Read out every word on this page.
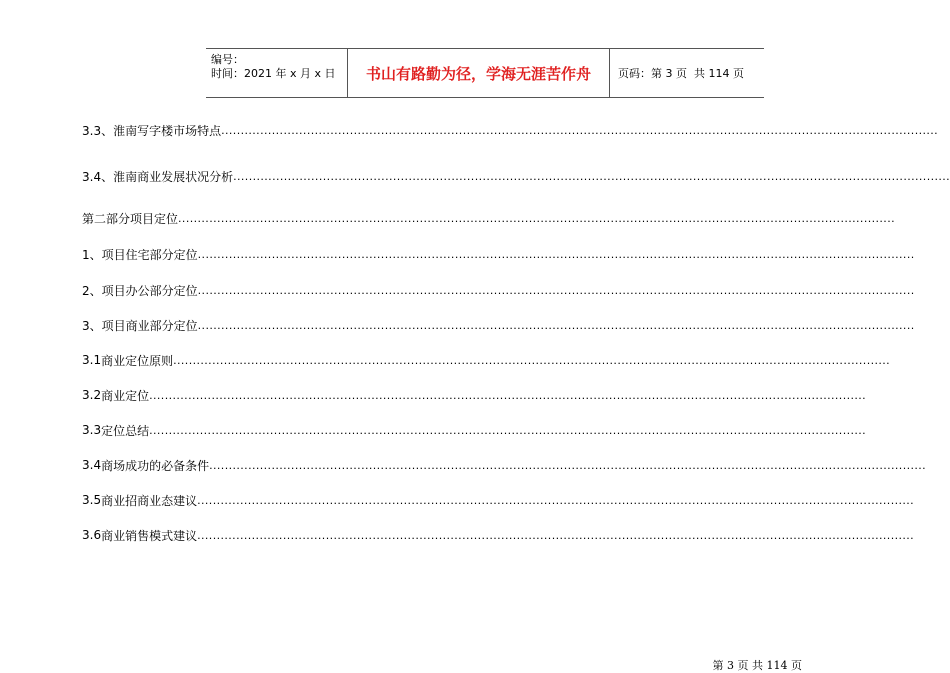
编号：
时间：2021 年 x 月 x 日	书山有路勤为径，学海无涯苦作舟 页码：第 3 页  共 114 页
3.3、 淮南写字楼市场特点 ........................................................................................................................................................................................
3.4、 淮南商业发展状况分析 ........................................................................................................................................................................................
第二部分 项目定位 ........................................................................................................................................................................................
1、 项目住宅部分定位 ........................................................................................................................................................................................
2、 项目办公部分定位 ........................................................................................................................................................................................
3、 项目商业部分定位 ........................................................................................................................................................................................
3.1 商业定位原则 ........................................................................................................................................................................................
3.2 商业定位 ........................................................................................................................................................................................
3.3 定位总结 ........................................................................................................................................................................................
3.4 商场成功的必备条件 ........................................................................................................................................................................................
3.5 商业招商业态建议 ........................................................................................................................................................................................
3.6 商业销售模式建议 ........................................................................................................................................................................................

第 3 页 共 114 页
